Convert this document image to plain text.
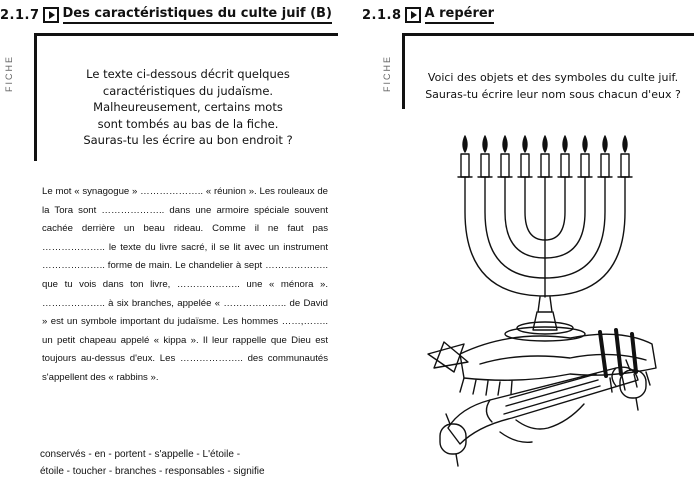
2.1.7 Des caractéristiques du culte juif (B)
FICHE	Le texte ci-dessous décrit quelques
caractéristiques du judaïsme.
Malheureusement, certains mots
sont tombés au bas de la fiche.
Sauras-tu les écrire au bon endroit ?
Le mot « synagogue » ……………….. « réunion ». Les rouleaux de la Tora sont ……………….. dans une armoire spéciale souvent cachée derrière un beau rideau. Comme il ne faut pas ……………….. le texte du livre sacré, il se lit avec un instrument ……………….. forme de main. Le chandelier à sept ……………….. que tu vois dans ton livre, ……………….. une « ménora ». ……………….. à six branches, appelée « ……………….. de David » est un symbole important du judaïsme. Les hommes ……,…….. un petit chapeau appelé « kippa ». Il leur rappelle que Dieu est toujours au-dessus d'eux. Les ……………….. des communautés s'appellent des « rabbins ».
conservés - en - portent - s'appelle - L'étoile -
étoile - toucher - branches - responsables - signifie
2.1.8 A repérer
FICHE	Voici des objets et des symboles du culte juif.
Sauras-tu écrire leur nom sous chacun d'eux ?
